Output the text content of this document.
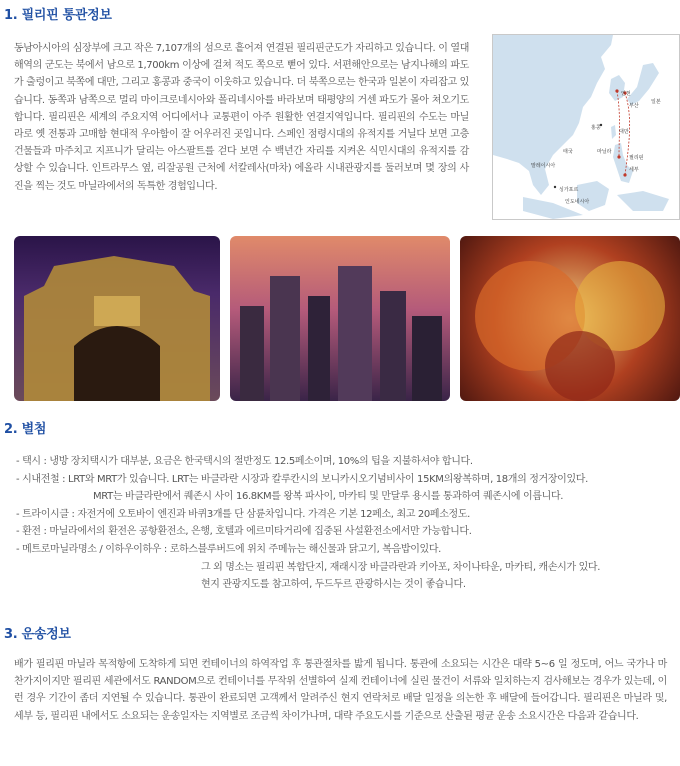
1. 필리핀 통관정보

동남아시아의 심장부에 크고 작은 7,107개의 섬으로 흩어져 연결된 필리핀군도가 자리하고 있습니다. 이 열대해역의 군도는 북에서 남으로 1,700km 이상에 걸쳐 적도 쪽으로 뻗어 있다. 서편해안으로는 남지나해의 파도가 출렁이고 북쪽에 대만, 그리고 홍콩과 중국이 이웃하고 있습니다. 더 북쪽으로는 한국과 일본이 자리잡고 있습니다. 동쪽과 남쪽으로 멀리 마이크로네시아와 폴리네시아를 바라보며 태평양의 거센 파도가 몰아 쳐오기도 합니다. 필리핀은 세계의 주요지역 어디에서나 교통편이 아주 원활한 연결지역입니다. 필리핀의 수도는 마닐라로 옛 전통과 고매함 현대적 우아함이 잘 어우러진 곳입니다. 스페인 점령시대의 유적지를 거닐다 보면 고층 건물들과 마주치고 지프니가 달리는 아스팔트를 걷다 보면 수 백년간 자리를 지켜온 식민시대의 유적지를 감상할 수 있습니다. 인트라무스 옆, 리잘공원 근처에 서칼레사(마차) 에올라 시내관광지를 둘러보며 몇 장의 사진을 찍는 것도 마닐라에서의 독특한 경험입니다.

인천
부산
일본
홍콩
대만
태국	마닐라
필리핀
세부
말레이시아
싱가포르
인도네시아
2. 별첨
- 택시 : 냉방 장치택시가 대부분, 요금은 한국택시의 절반정도 12.5페소이며, 10%의 팁을 지불하셔야 합니다.
- 시내전철 : LRT와 MRT가 있습니다. LRT는 바클라란 시장과 칼루칸시의 보니카시오기념비사이 15KM의왕복하며, 18개의 정거장이있다.
MRT는 바클라란에서 퀘존시 사이 16.8KM를 왕복 파사이, 마카티 및 만달루 용시를 통과하여 퀘존시에 이릅니다.
- 트라이시클 : 자전거에 오토바이 엔진과 바퀴3개를 단 삼륜차입니다. 가격은 기본 12페소, 최고 20페소정도.
- 환전 : 마닐라에서의 환전은 공항환전소, 은행, 호텔과 에르미타거리에 집중된 사설환전소에서만 가능합니다.
- 메트로마닐라명소 / 이하우이하우 : 로하스블루버드에 위치 주메뉴는 해신물과 닭고기, 복음밥이있다.
그 외 명소는 필리핀 복합단지, 재래시장 바클라란과 키아포, 차이나타운, 마카티, 캐손시가 있다.
현지 관광지도를 참고하여, 두드두르 관광하시는 것이 좋습니다.
3. 운송정보

배가 필리핀 마닐라 목적항에 도착하게 되면 컨테이너의 하역작업 후 통관절차를 밟게 됩니다. 통관에 소요되는 시간은 대략 5~6 일 정도며, 어느 국가나 마찬가지이지만 필리핀 세관에서도 RANDOM으로 컨테이너를 무작위 선별하여 실제 컨테이너에 실린 물건이 서류와 일치하는지 검사해보는 경우가 있는데, 이런 경우 기간이 좀더 지연될 수 있습니다. 통관이 완료되면 고객께서 알려주신 현지 연락처로 배달 일정을 의논한 후 배달에 들어갑니다. 필리핀은 마닐라 및, 세부 등, 필리핀 내에서도 소요되는 운송일자는 지역별로 조금씩 차이가나며, 대략 주요도시를 기준으로 산출된 평균 운송 소요시간은 다음과 같습니다.
